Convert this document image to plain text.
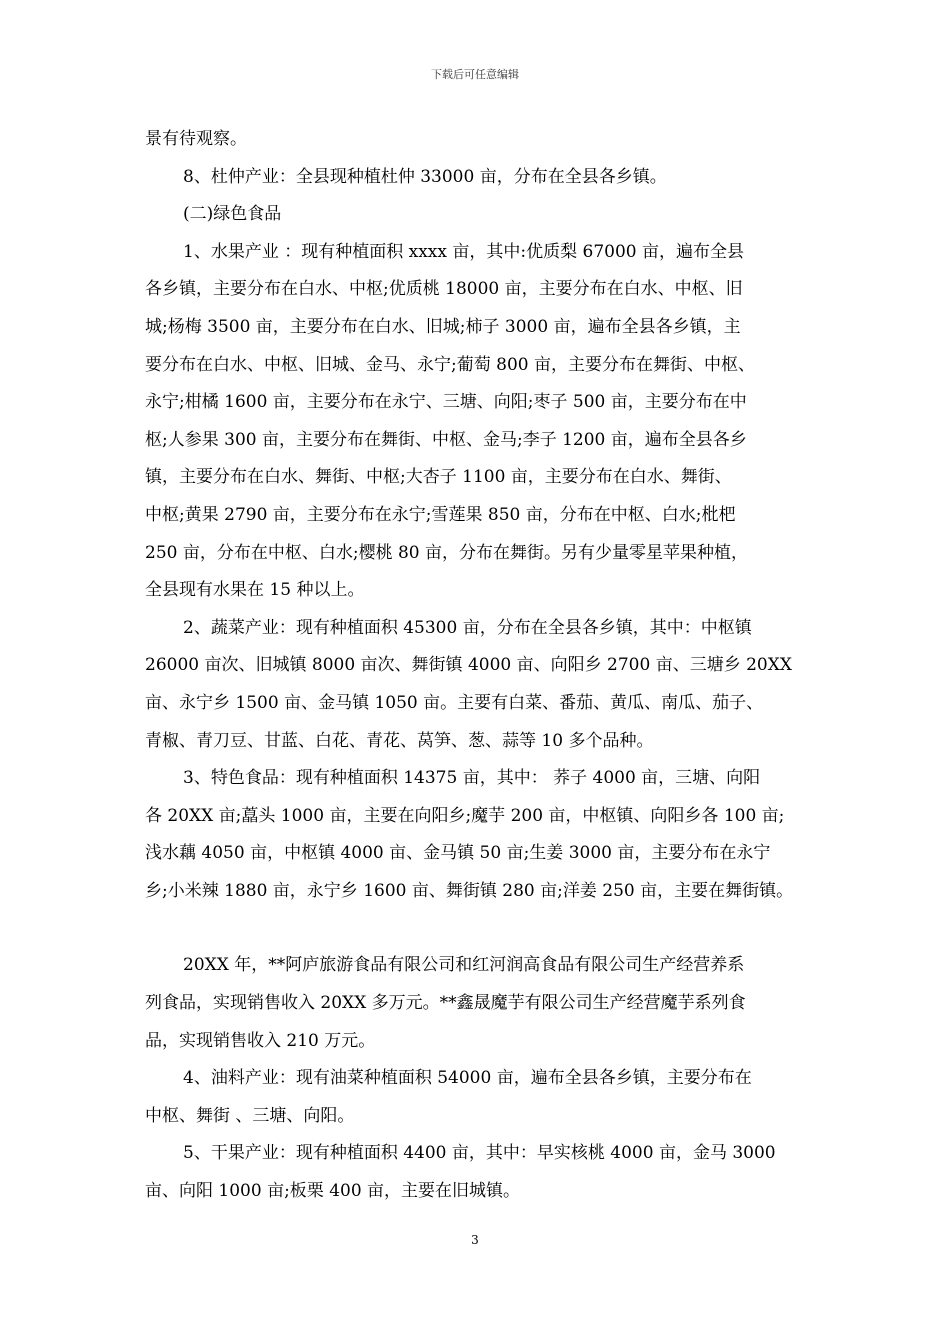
下载后可任意编辑
景有待观察。
8、杜仲产业：全县现种植杜仲 33000 亩，分布在全县各乡镇。
(二)绿色食品
1、水果产业 ：现有种植面积 xxxx 亩，其中:优质梨 67000 亩，遍布全县
各乡镇，主要分布在白水、中枢;优质桃 18000 亩，主要分布在白水、中枢、旧
城;杨梅 3500 亩，主要分布在白水、旧城;柿子 3000 亩，遍布全县各乡镇，主
要分布在白水、中枢、旧城、金马、永宁;葡萄 800 亩，主要分布在舞街、中枢、
永宁;柑橘 1600 亩，主要分布在永宁、三塘、向阳;枣子 500 亩，主要分布在中
枢;人参果 300 亩，主要分布在舞街、中枢、金马;李子 1200 亩，遍布全县各乡
镇，主要分布在白水、舞街、中枢;大杏子 1100 亩，主要分布在白水、舞街、
中枢;黄果 2790 亩，主要分布在永宁;雪莲果 850 亩，分布在中枢、白水;枇杷
250 亩，分布在中枢、白水;樱桃 80 亩，分布在舞街。另有少量零星苹果种植，
全县现有水果在 15 种以上。
2、蔬菜产业：现有种植面积 45300 亩，分布在全县各乡镇，其中：中枢镇
26000 亩次、旧城镇 8000 亩次、舞街镇 4000 亩、向阳乡 2700 亩、三塘乡 20XX
亩、永宁乡 1500 亩、金马镇 1050 亩。主要有白菜、番茄、黄瓜、南瓜、茄子、
青椒、青刀豆、甘蓝、白花、青花、莴笋、葱、蒜等 10 多个品种。
3、特色食品：现有种植面积 14375 亩，其中： 荞子 4000 亩，三塘、向阳
各 20XX 亩;藠头 1000 亩，主要在向阳乡;魔芋 200 亩，中枢镇、向阳乡各 100 亩;
浅水藕 4050 亩，中枢镇 4000 亩、金马镇 50 亩;生姜 3000 亩，主要分布在永宁
乡;小米辣 1880 亩，永宁乡 1600 亩、舞街镇 280 亩;洋姜 250 亩，主要在舞街镇。
20XX 年，**阿庐旅游食品有限公司和红河润高食品有限公司生产经营养系
列食品，实现销售收入 20XX 多万元。**鑫晟魔芋有限公司生产经营魔芋系列食
品，实现销售收入 210 万元。
4、油料产业：现有油菜种植面积 54000 亩，遍布全县各乡镇，主要分布在
中枢、舞街 、三塘、向阳。
5、干果产业：现有种植面积 4400 亩，其中：早实核桃 4000 亩，金马 3000
亩、向阳 1000 亩;板栗 400 亩，主要在旧城镇。
3
